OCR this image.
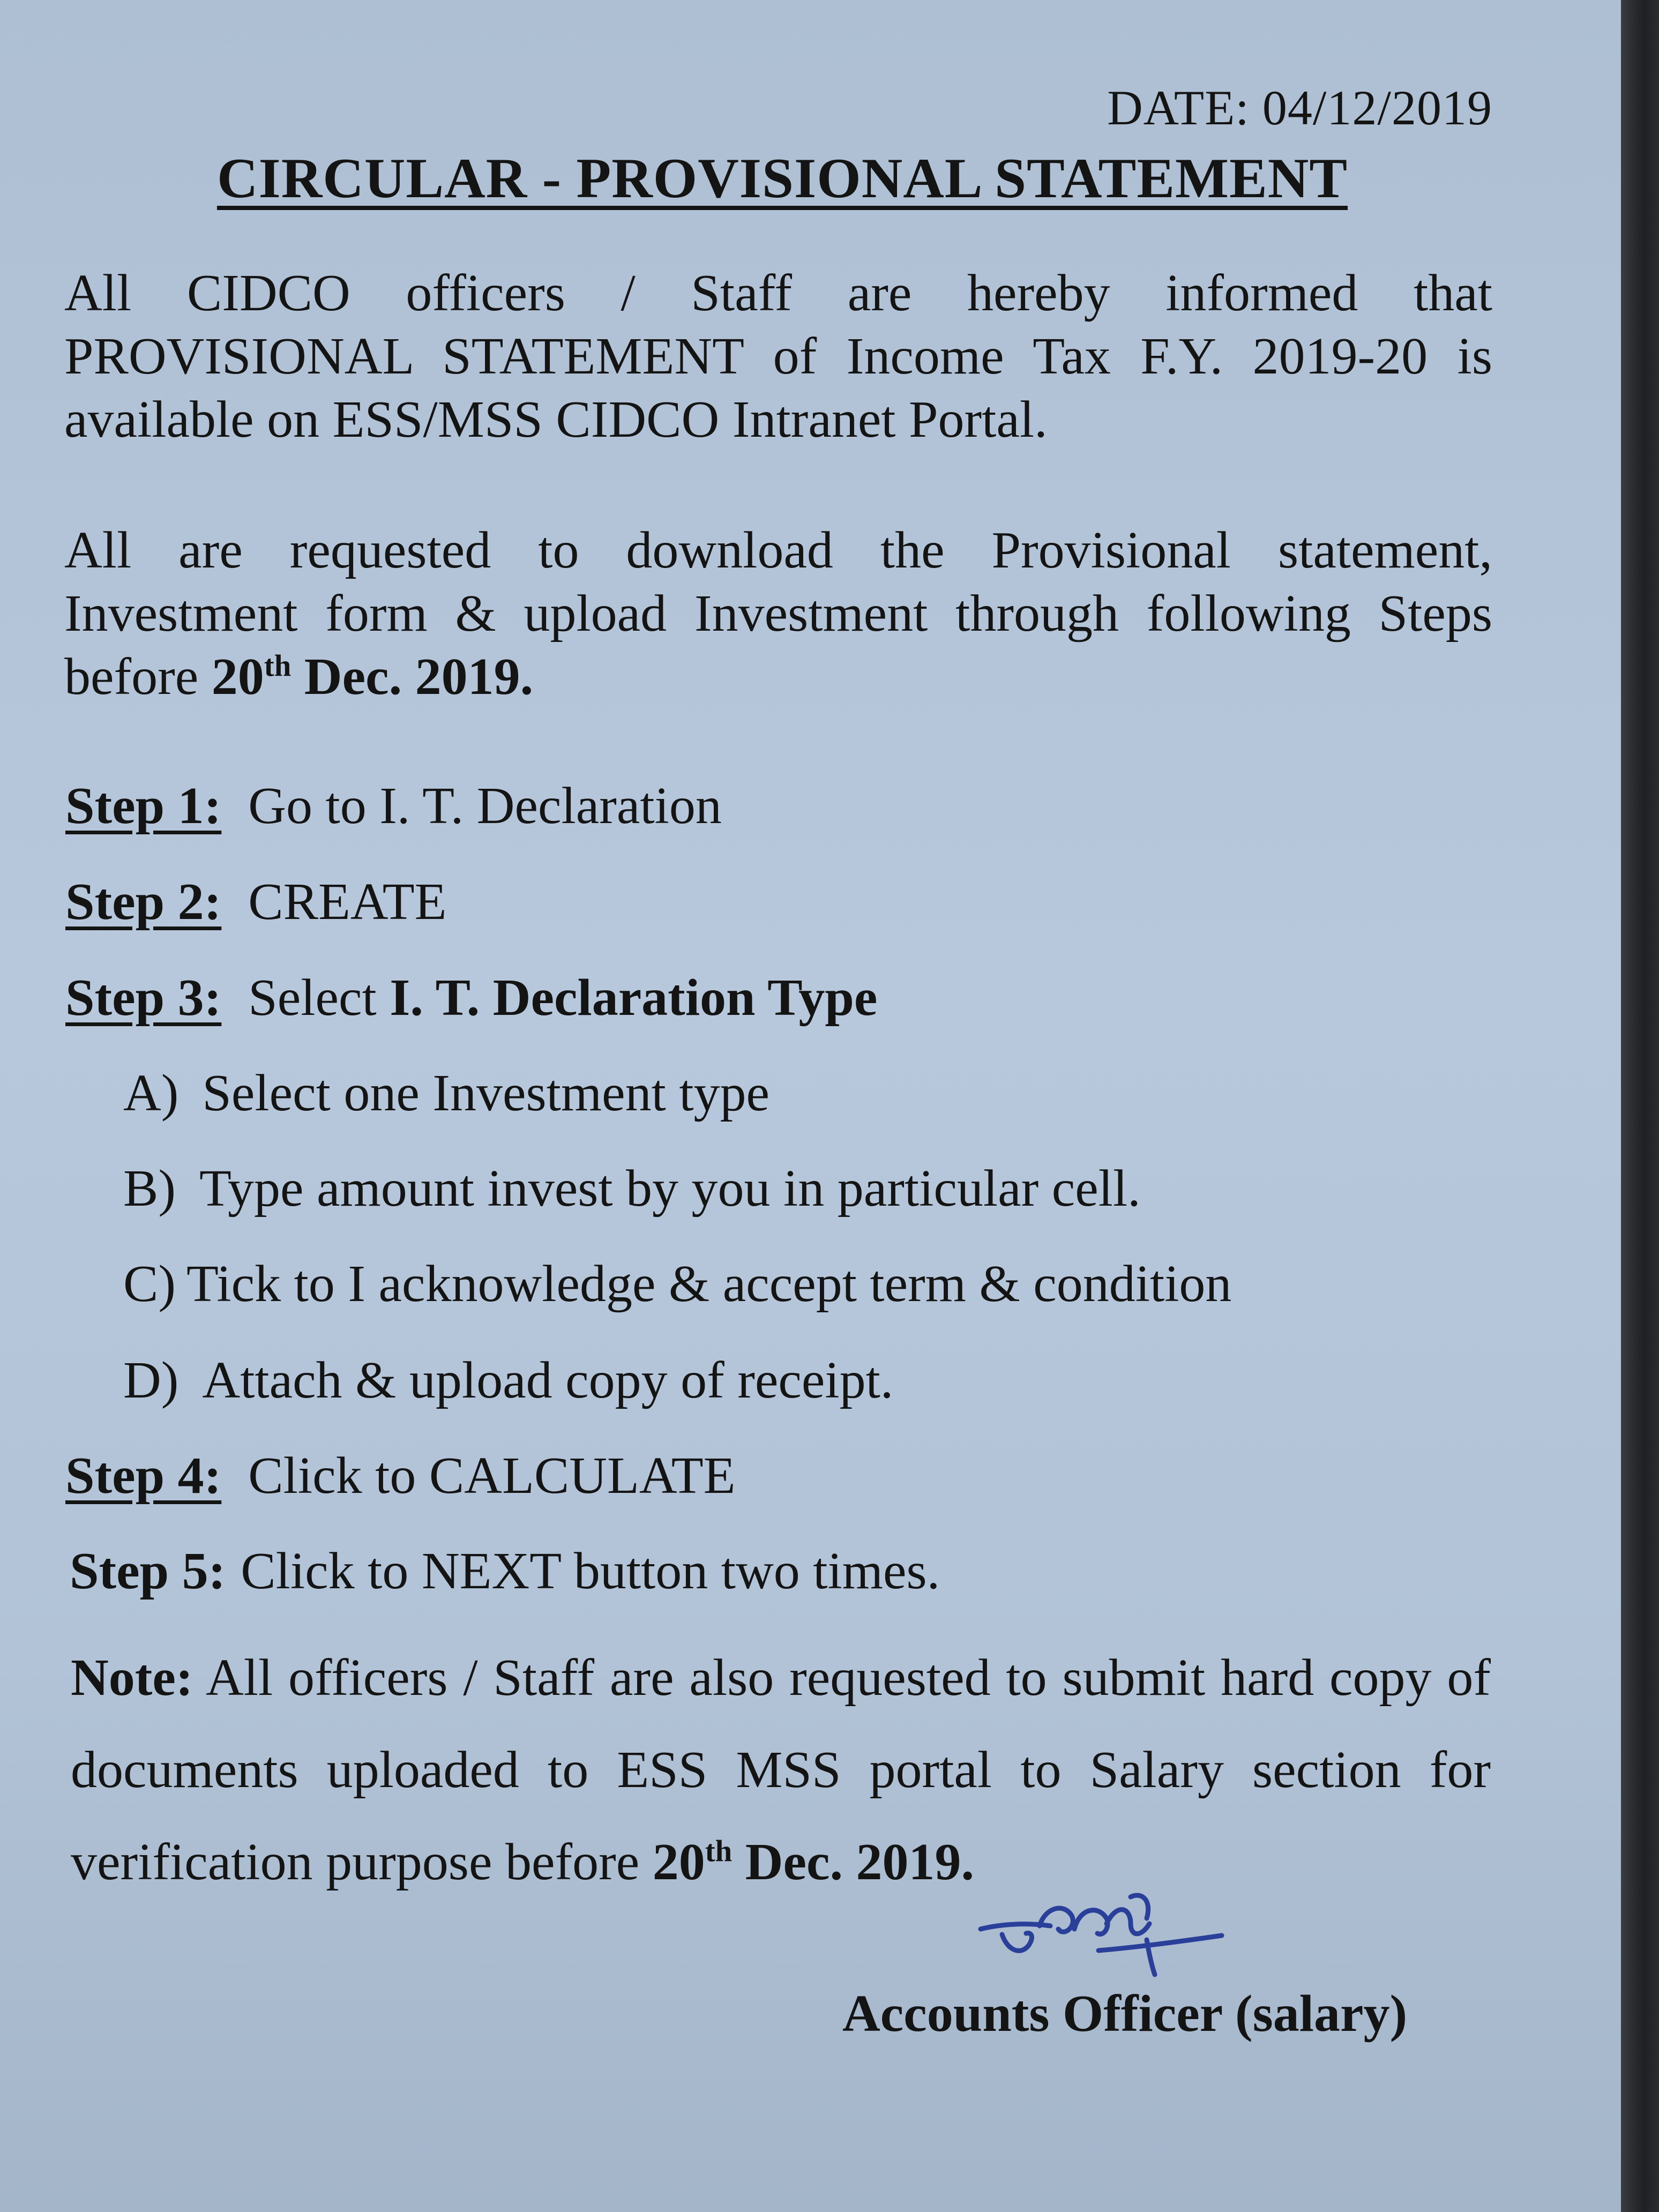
DATE: 04/12/2019
CIRCULAR - PROVISIONAL STATEMENT
All CIDCO officers / Staff are hereby informed that PROVISIONAL STATEMENT of Income Tax F.Y. 2019-20 is available on ESS/MSS CIDCO Intranet Portal.
All are requested to download the Provisional statement, Investment form & upload Investment through following Steps before 20th Dec. 2019.
Step 1: Go to I. T. Declaration
Step 2: CREATE
Step 3: Select I. T. Declaration Type
A) Select one Investment type
B) Type amount invest by you in particular cell.
C) Tick to I acknowledge & accept term & condition
D) Attach & upload copy of receipt.
Step 4: Click to CALCULATE
Step 5: Click to NEXT button two times.
Note: All officers / Staff are also requested to submit hard copy of documents uploaded to ESS MSS portal to Salary section for verification purpose before 20th Dec. 2019.
Accounts Officer (salary)
